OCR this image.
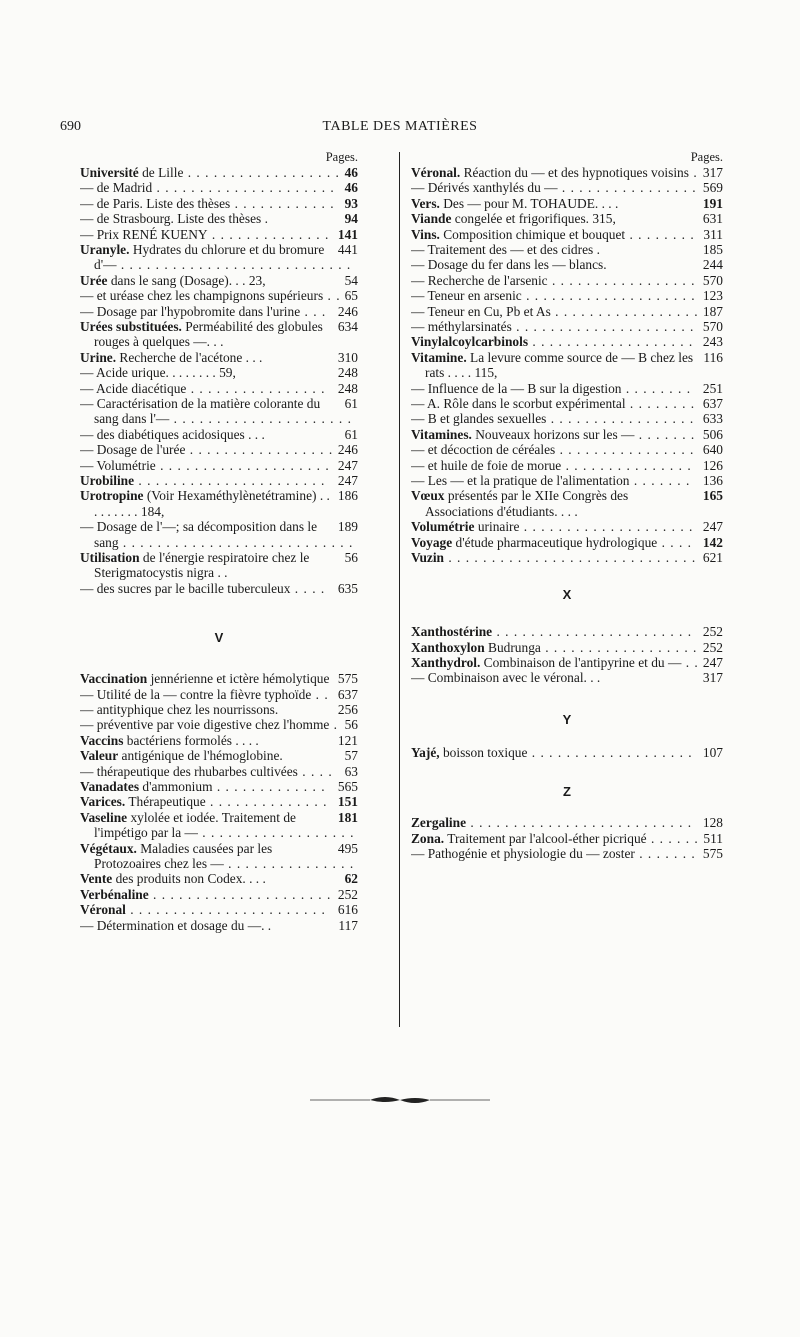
690	TABLE DES MATIÈRES
Pages.
46
Université de Lille . . . . . . . . . . . . . . . . . .
46
— de Madrid . . . . . . . . . . . . . . . . . . . . .
93
— de Paris. Liste des thèses . . . . . . . . . . . .
94
— de Strasbourg. Liste des thèses .
141
— Prix RENÉ KUENY . . . . . . . . . . . . . .
441
Uranyle. Hydrates du chlorure et du bromure d'— . . . . . . . . . . . . . . . . . . . . . . . . . . .
54
Urée dans le sang (Dosage). . . 23,
65
— et uréase chez les champignons supérieurs . .
246
— Dosage par l'hypobromite dans l'urine . . .
634
Urées substituées. Perméabilité des globules rouges à quelques —. . .
310
Urine. Recherche de l'acétone . . .
248
— Acide urique. . . . . . . . 59,
248
— Acide diacétique . . . . . . . . . . . . . . . .
61
— Caractérisation de la matière colorante du sang dans l'— . . . . . . . . . . . . . . . . . . . . .
61
— des diabétiques acidosiques . . .
246
— Dosage de l'urée . . . . . . . . . . . . . . . . .
247
— Volumétrie . . . . . . . . . . . . . . . . . . . .
247
Urobiline . . . . . . . . . . . . . . . . . . . . . .
186
Urotropine (Voir Hexaméthylènetétramine) . . . . . . . . . 184,
189
— Dosage de l'—; sa décomposition dans le sang . . . . . . . . . . . . . . . . . . . . . . . . . . .
56
Utilisation de l'énergie respiratoire chez le Sterigmatocystis nigra . .
635
— des sucres par le bacille tuberculeux . . . .
V
575
Vaccination jennérienne et ictère hémolytique
637
— Utilité de la — contre la fièvre typhoïde . .
256
— antityphique chez les nourrissons.
56
— préventive par voie digestive chez l'homme .
121
Vaccins bactériens formolés . . . .
57
Valeur antigénique de l'hémoglobine.
63
— thérapeutique des rhubarbes cultivées . . . .
565
Vanadates d'ammonium . . . . . . . . . . . . .
151
Varices. Thérapeutique . . . . . . . . . . . . . .
181
Vaseline xylolée et iodée. Traitement de l'impétigo par la — . . . . . . . . . . . . . . . . . .
495
Végétaux. Maladies causées par les Protozoaires chez les — . . . . . . . . . . . . . . .
62
Vente des produits non Codex. . . .
252
Verbénaline . . . . . . . . . . . . . . . . . . . . .
616
Véronal . . . . . . . . . . . . . . . . . . . . . . .
117
— Détermination et dosage du —. .
Pages.
317
Véronal. Réaction du — et des hypnotiques voisins .
569
— Dérivés xanthylés du — . . . . . . . . . . . . . . . .
191
Vers. Des — pour M. TOHAUDE. . . .
631
Viande congelée et frigorifiques. 315,
311
Vins. Composition chimique et bouquet . . . . . . . .
185
— Traitement des — et des cidres .
244
— Dosage du fer dans les — blancs.
570
— Recherche de l'arsenic . . . . . . . . . . . . . . . . .
123
— Teneur en arsenic . . . . . . . . . . . . . . . . . . . .
187
— Teneur en Cu, Pb et As . . . . . . . . . . . . . . . . .
570
— méthylarsinatés . . . . . . . . . . . . . . . . . . . . .
243
Vinylalcoylcarbinols . . . . . . . . . . . . . . . . . . .
116
Vitamine. La levure comme source de — B chez les rats . . . . 115,
251
— Influence de la — B sur la digestion . . . . . . . .
637
— A. Rôle dans le scorbut expérimental . . . . . . . .
633
— B et glandes sexuelles . . . . . . . . . . . . . . . . .
506
Vitamines. Nouveaux horizons sur les — . . . . . . .
640
— et décoction de céréales . . . . . . . . . . . . . . . .
126
— et huile de foie de morue . . . . . . . . . . . . . . .
136
— Les — et la pratique de l'alimentation . . . . . . .
165
Vœux présentés par le XIIe Congrès des Associations d'étudiants. . . .
247
Volumétrie urinaire . . . . . . . . . . . . . . . . . . . .
142
Voyage d'étude pharmaceutique hydrologique . . . .
621
Vuzin . . . . . . . . . . . . . . . . . . . . . . . . . . . . .
X
252
Xanthostérine . . . . . . . . . . . . . . . . . . . . . . .
252
Xanthoxylon Budrunga . . . . . . . . . . . . . . . . . .
247
Xanthydrol. Combinaison de l'antipyrine et du — . .
317
— Combinaison avec le véronal. . .
Y
107
Yajé, boisson toxique . . . . . . . . . . . . . . . . . . .
Z
128
Zergaline . . . . . . . . . . . . . . . . . . . . . . . . . .
511
Zona. Traitement par l'alcool-éther picriqué . . . . . .
575
— Pathogénie et physiologie du — zoster . . . . . . .
